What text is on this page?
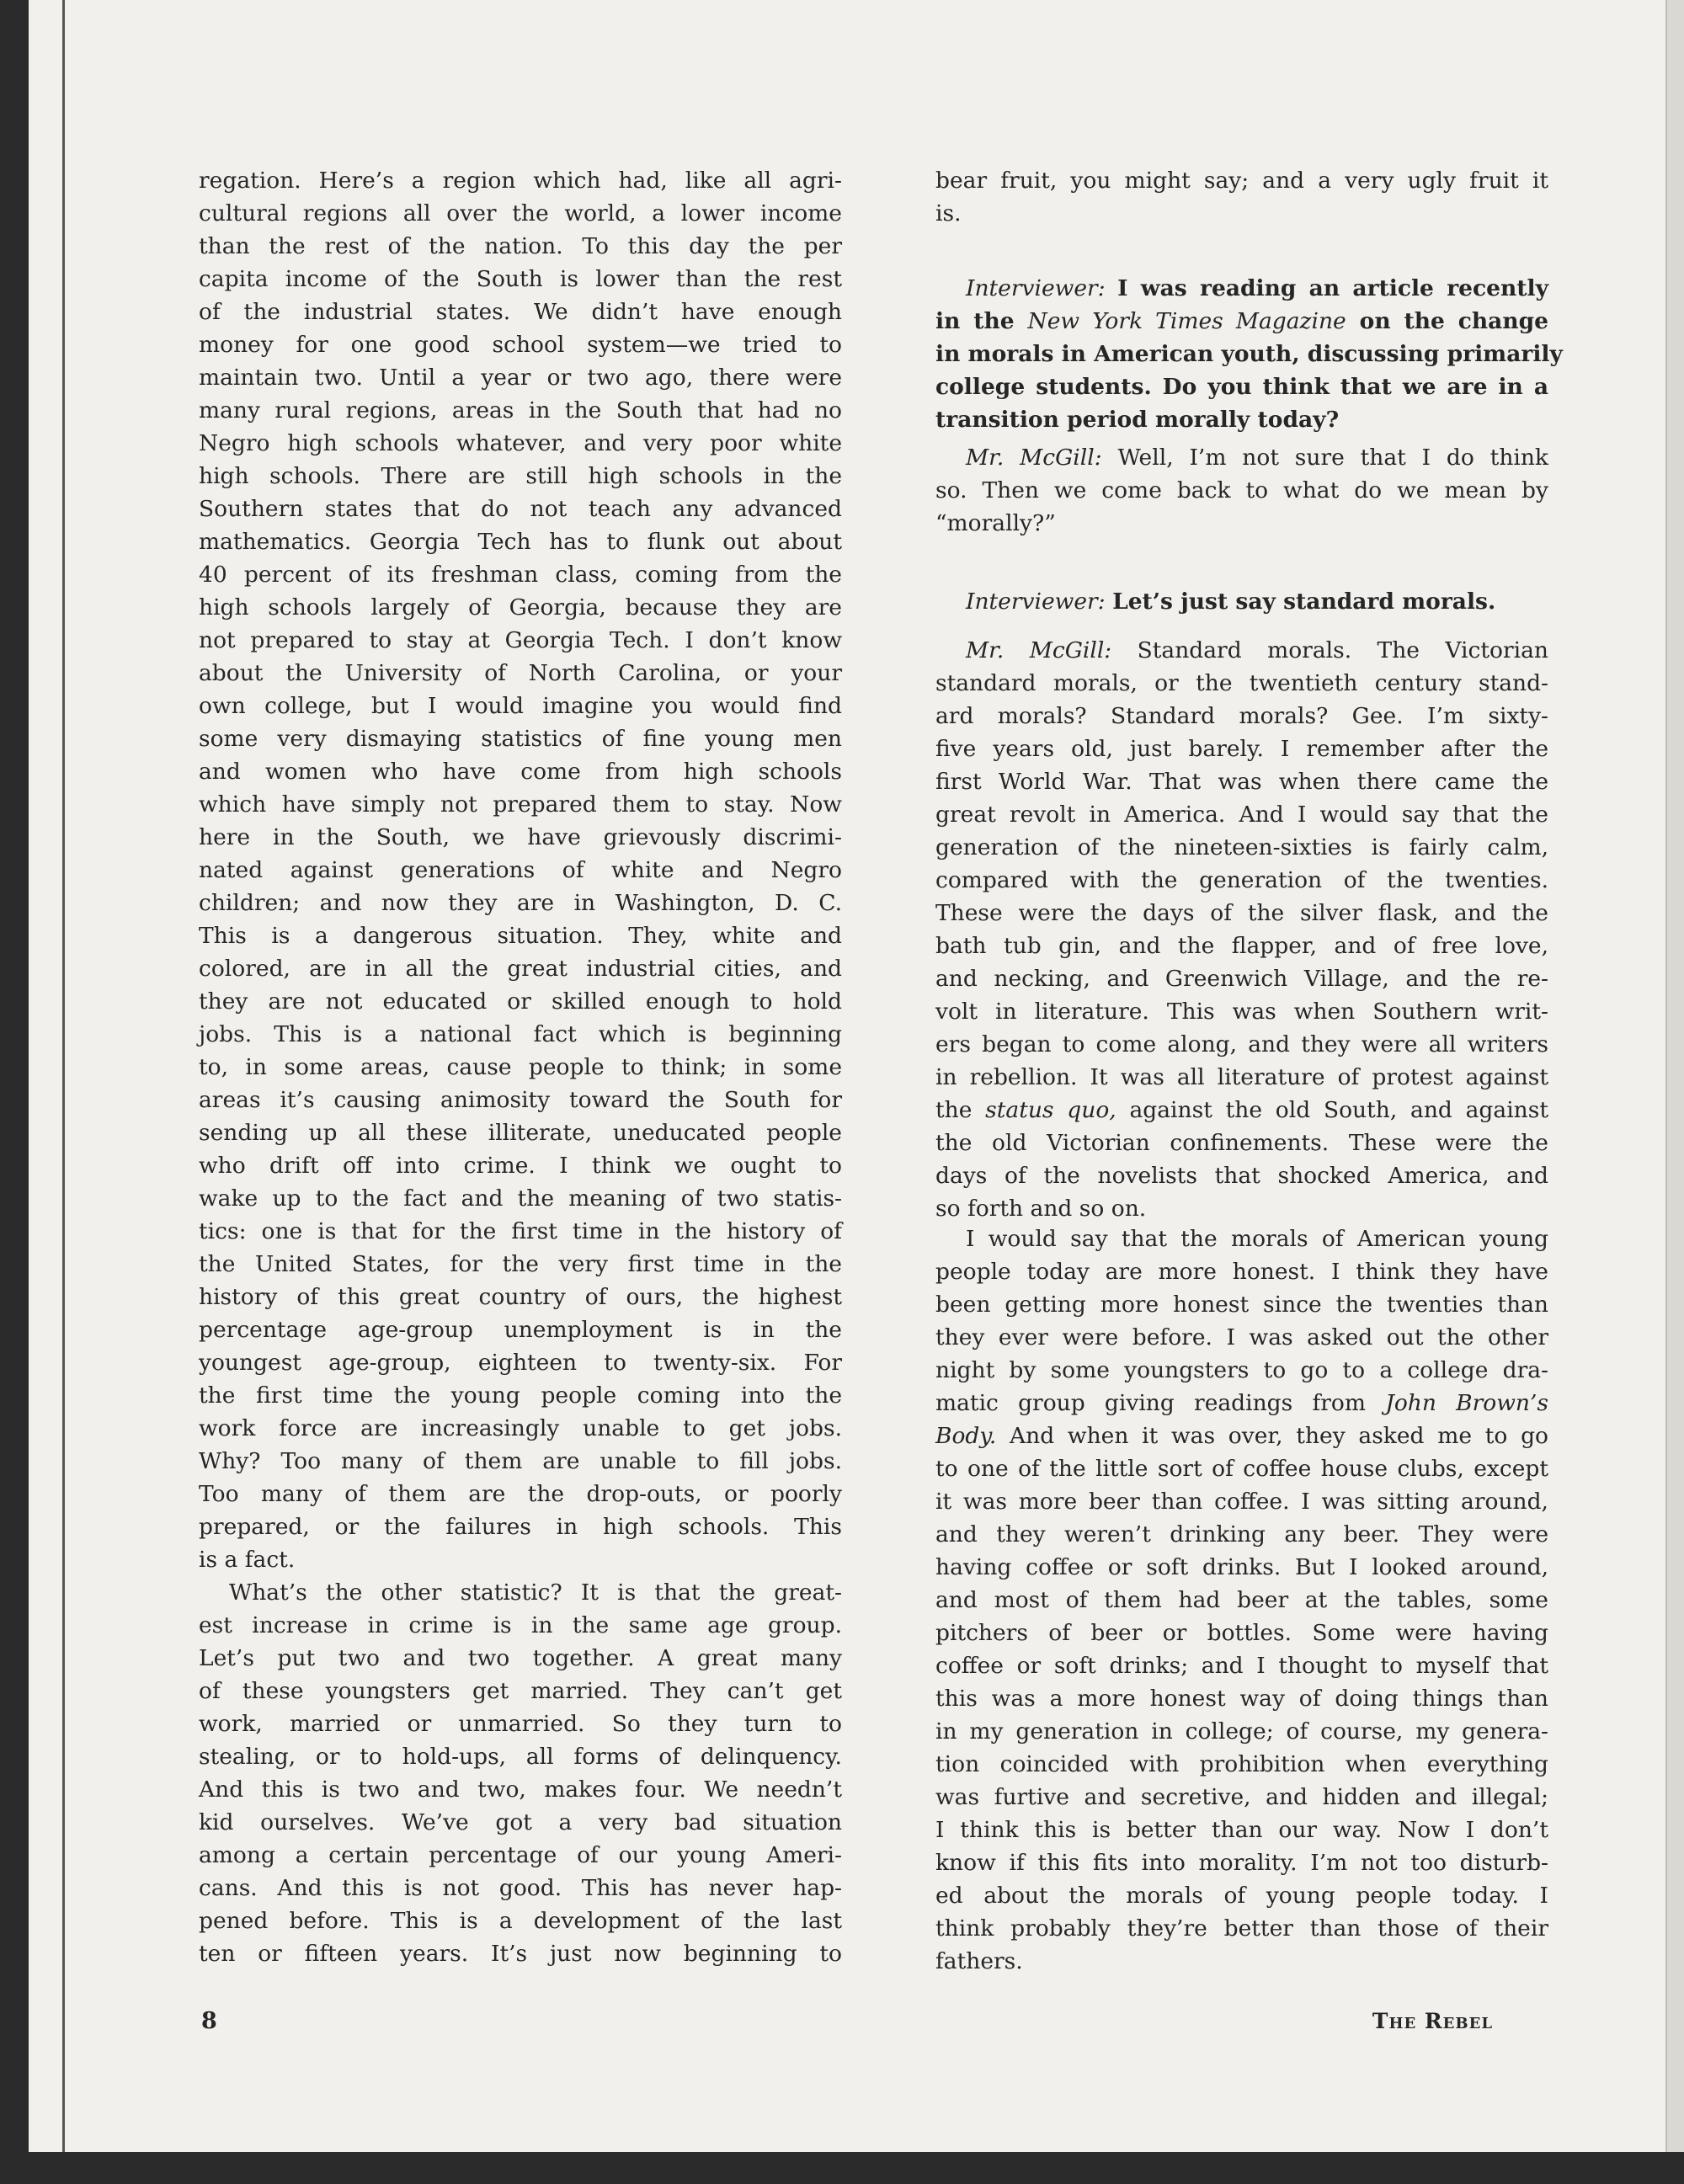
regation. Here’s a region which had, like all agri-
cultural regions all over the world, a lower income
than the rest of the nation. To this day the per
capita income of the South is lower than the rest
of the industrial states. We didn’t have enough
money for one good school system—we tried to
maintain two. Until a year or two ago, there were
many rural regions, areas in the South that had no
Negro high schools whatever, and very poor white
high schools. There are still high schools in the
Southern states that do not teach any advanced
mathematics. Georgia Tech has to flunk out about
40 percent of its freshman class, coming from the
high schools largely of Georgia, because they are
not prepared to stay at Georgia Tech. I don’t know
about the University of North Carolina, or your
own college, but I would imagine you would find
some very dismaying statistics of fine young men
and women who have come from high schools
which have simply not prepared them to stay. Now
here in the South, we have grievously discrimi-
nated against generations of white and Negro
children; and now they are in Washington, D. C.
This is a dangerous situation. They, white and
colored, are in all the great industrial cities, and
they are not educated or skilled enough to hold
jobs. This is a national fact which is beginning
to, in some areas, cause people to think; in some
areas it’s causing animosity toward the South for
sending up all these illiterate, uneducated people
who drift off into crime. I think we ought to
wake up to the fact and the meaning of two statis-
tics: one is that for the first time in the history of
the United States, for the very first time in the
history of this great country of ours, the highest
percentage age-group unemployment is in the
youngest age-group, eighteen to twenty-six. For
the first time the young people coming into the
work force are increasingly unable to get jobs.
Why? Too many of them are unable to fill jobs.
Too many of them are the drop-outs, or poorly
prepared, or the failures in high schools. This
is a fact.
What’s the other statistic? It is that the great-
est increase in crime is in the same age group.
Let’s put two and two together. A great many
of these youngsters get married. They can’t get
work, married or unmarried. So they turn to
stealing, or to hold-ups, all forms of delinquency.
And this is two and two, makes four. We needn’t
kid ourselves. We’ve got a very bad situation
among a certain percentage of our young Ameri-
cans. And this is not good. This has never hap-
pened before. This is a development of the last
ten or fifteen years. It’s just now beginning to
bear fruit, you might say; and a very ugly fruit it
is.
Interviewer: I was reading an article recently
in the New York Times Magazine on the change
in morals in American youth, discussing primarily
college students. Do you think that we are in a
transition period morally today?
Mr. McGill: Well, I’m not sure that I do think
so. Then we come back to what do we mean by
“morally?”
Interviewer: Let’s just say standard morals.
Mr. McGill: Standard morals. The Victorian
standard morals, or the twentieth century stand-
ard morals? Standard morals? Gee. I’m sixty-
five years old, just barely. I remember after the
first World War. That was when there came the
great revolt in America. And I would say that the
generation of the nineteen-sixties is fairly calm,
compared with the generation of the twenties.
These were the days of the silver flask, and the
bath tub gin, and the flapper, and of free love,
and necking, and Greenwich Village, and the re-
volt in literature. This was when Southern writ-
ers began to come along, and they were all writers
in rebellion. It was all literature of protest against
the status quo, against the old South, and against
the old Victorian confinements. These were the
days of the novelists that shocked America, and
so forth and so on.
I would say that the morals of American young
people today are more honest. I think they have
been getting more honest since the twenties than
they ever were before. I was asked out the other
night by some youngsters to go to a college dra-
matic group giving readings from John Brown’s
Body. And when it was over, they asked me to go
to one of the little sort of coffee house clubs, except
it was more beer than coffee. I was sitting around,
and they weren’t drinking any beer. They were
having coffee or soft drinks. But I looked around,
and most of them had beer at the tables, some
pitchers of beer or bottles. Some were having
coffee or soft drinks; and I thought to myself that
this was a more honest way of doing things than
in my generation in college; of course, my genera-
tion coincided with prohibition when everything
was furtive and secretive, and hidden and illegal;
I think this is better than our way. Now I don’t
know if this fits into morality. I’m not too disturb-
ed about the morals of young people today. I
think probably they’re better than those of their
fathers.
8	The Rebel
